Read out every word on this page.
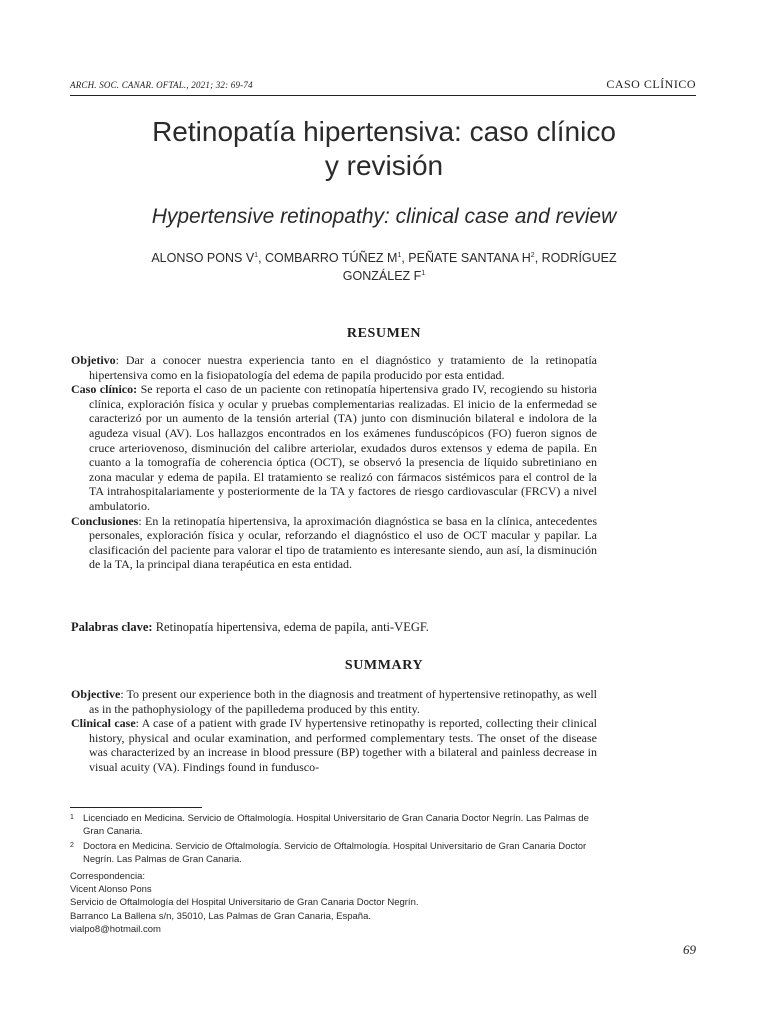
ARCH. SOC. CANAR. OFTAL., 2021; 32: 69-74	CASO CLÍNICO
Retinopatía hipertensiva: caso clínico
y revisión
Hypertensive retinopathy: clinical case and review
ALONSO PONS $V^1$, COMBARRO TÚÑEZ $M^1$, PEÑATE SANTANA $H^2$, RODRÍGUEZ
GONZÁLEZ $F^1$
RESUMEN

Objetivo: Dar a conocer nuestra experiencia tanto en el diagnóstico y tratamiento de la retinopatía hipertensiva como en la fisiopatología del edema de papila producido por esta entidad.

Caso clínico: Se reporta el caso de un paciente con retinopatía hipertensiva grado IV, recogiendo su historia clínica, exploración física y ocular y pruebas complementarias realizadas. El inicio de la enfermedad se caracterizó por un aumento de la tensión arterial (TA) junto con disminución bilateral e indolora de la agudeza visual (AV). Los hallazgos encontrados en los exámenes funduscópicos (FO) fueron signos de cruce arteriovenoso, disminución del calibre arteriolar, exudados duros extensos y edema de papila. En cuanto a la tomografía de coherencia óptica (OCT), se observó la presencia de líquido subretiniano en zona macular y edema de papila. El tratamiento se realizó con fármacos sistémicos para el control de la TA intrahospitalariamente y posteriormente de la TA y factores de riesgo cardiovascular (FRCV) a nivel ambulatorio.

Conclusiones: En la retinopatía hipertensiva, la aproximación diagnóstica se basa en la clínica, antecedentes personales, exploración física y ocular, reforzando el diagnóstico el uso de OCT macular y papilar. La clasificación del paciente para valorar el tipo de tratamiento es interesante siendo, aun así, la disminución de la TA, la principal diana terapéutica en esta entidad.

Palabras clave: Retinopatía hipertensiva, edema de papila, anti-VEGF.
SUMMARY

Objective: To present our experience both in the diagnosis and treatment of hypertensive retinopathy, as well as in the pathophysiology of the papilledema produced by this entity.

Clinical case: A case of a patient with grade IV hypertensive retinopathy is reported, collecting their clinical history, physical and ocular examination, and performed complementary tests. The onset of the disease was characterized by an increase in blood pressure (BP) together with a bilateral and painless decrease in visual acuity (VA). Findings found in fundusco-

1 Licenciado en Medicina. Servicio de Oftalmología. Hospital Universitario de Gran Canaria Doctor Negrín. Las Palmas de Gran Canaria.
2 Doctora en Medicina. Servicio de Oftalmología. Servicio de Oftalmología. Hospital Universitario de Gran Canaria Doctor Negrín. Las Palmas de Gran Canaria.
Correspondencia:
Vicent Alonso Pons
Servicio de Oftalmología del Hospital Universitario de Gran Canaria Doctor Negrín.
Barranco La Ballena s/n, 35010, Las Palmas de Gran Canaria, España.
vialpo8@hotmail.com
69
